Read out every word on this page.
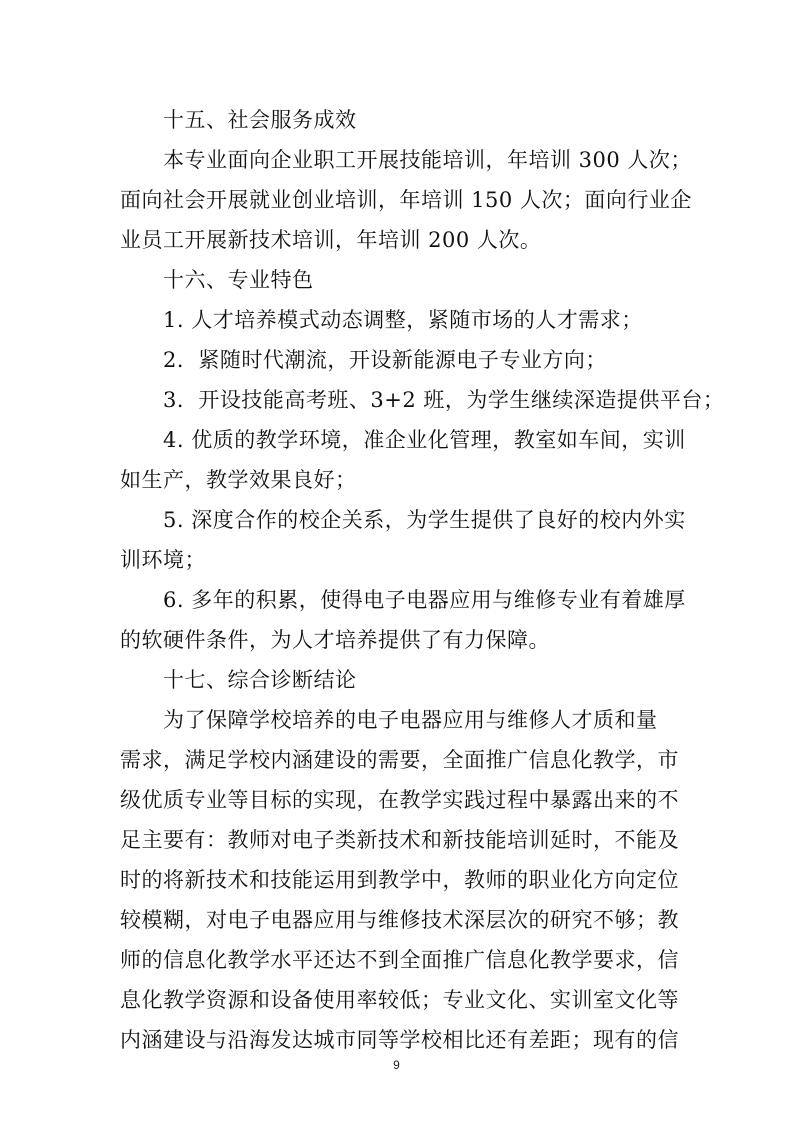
十五、社会服务成效
本专业面向企业职工开展技能培训，年培训 300 人次；
面向社会开展就业创业培训，年培训 150 人次；面向行业企
业员工开展新技术培训，年培训 200 人次。
十六、专业特色
1. 人才培养模式动态调整，紧随市场的人才需求；
2．紧随时代潮流，开设新能源电子专业方向；
3．开设技能高考班、3+2 班，为学生继续深造提供平台；
4. 优质的教学环境，准企业化管理，教室如车间，实训
如生产，教学效果良好；
5. 深度合作的校企关系，为学生提供了良好的校内外实
训环境；
6. 多年的积累，使得电子电器应用与维修专业有着雄厚
的软硬件条件，为人才培养提供了有力保障。
十七、综合诊断结论
为了保障学校培养的电子电器应用与维修人才质和量
需求，满足学校内涵建设的需要，全面推广信息化教学，市
级优质专业等目标的实现，在教学实践过程中暴露出来的不
足主要有：教师对电子类新技术和新技能培训延时，不能及
时的将新技术和技能运用到教学中，教师的职业化方向定位
较模糊，对电子电器应用与维修技术深层次的研究不够；教
师的信息化教学水平还达不到全面推广信息化教学要求，信
息化教学资源和设备使用率较低；专业文化、实训室文化等
内涵建设与沿海发达城市同等学校相比还有差距；现有的信
9
